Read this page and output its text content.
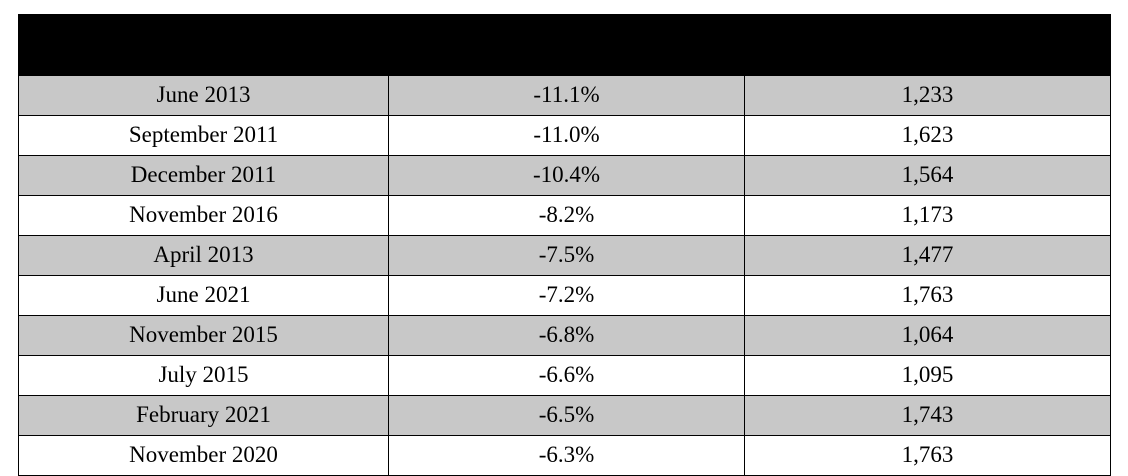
Month	Decline in gold price (%)
during month	End of month gold price
(US dollar per troy ounce)

June 2013	-11.1%	1,233
September 2011	-11.0%	1,623
December 2011	-10.4%	1,564
November 2016	-8.2%	1,173
April 2013	-7.5%	1,477
June 2021	-7.2%	1,763
November 2015	-6.8%	1,064
July 2015	-6.6%	1,095
February 2021	-6.5%	1,743
November 2020	-6.3%	1,763
